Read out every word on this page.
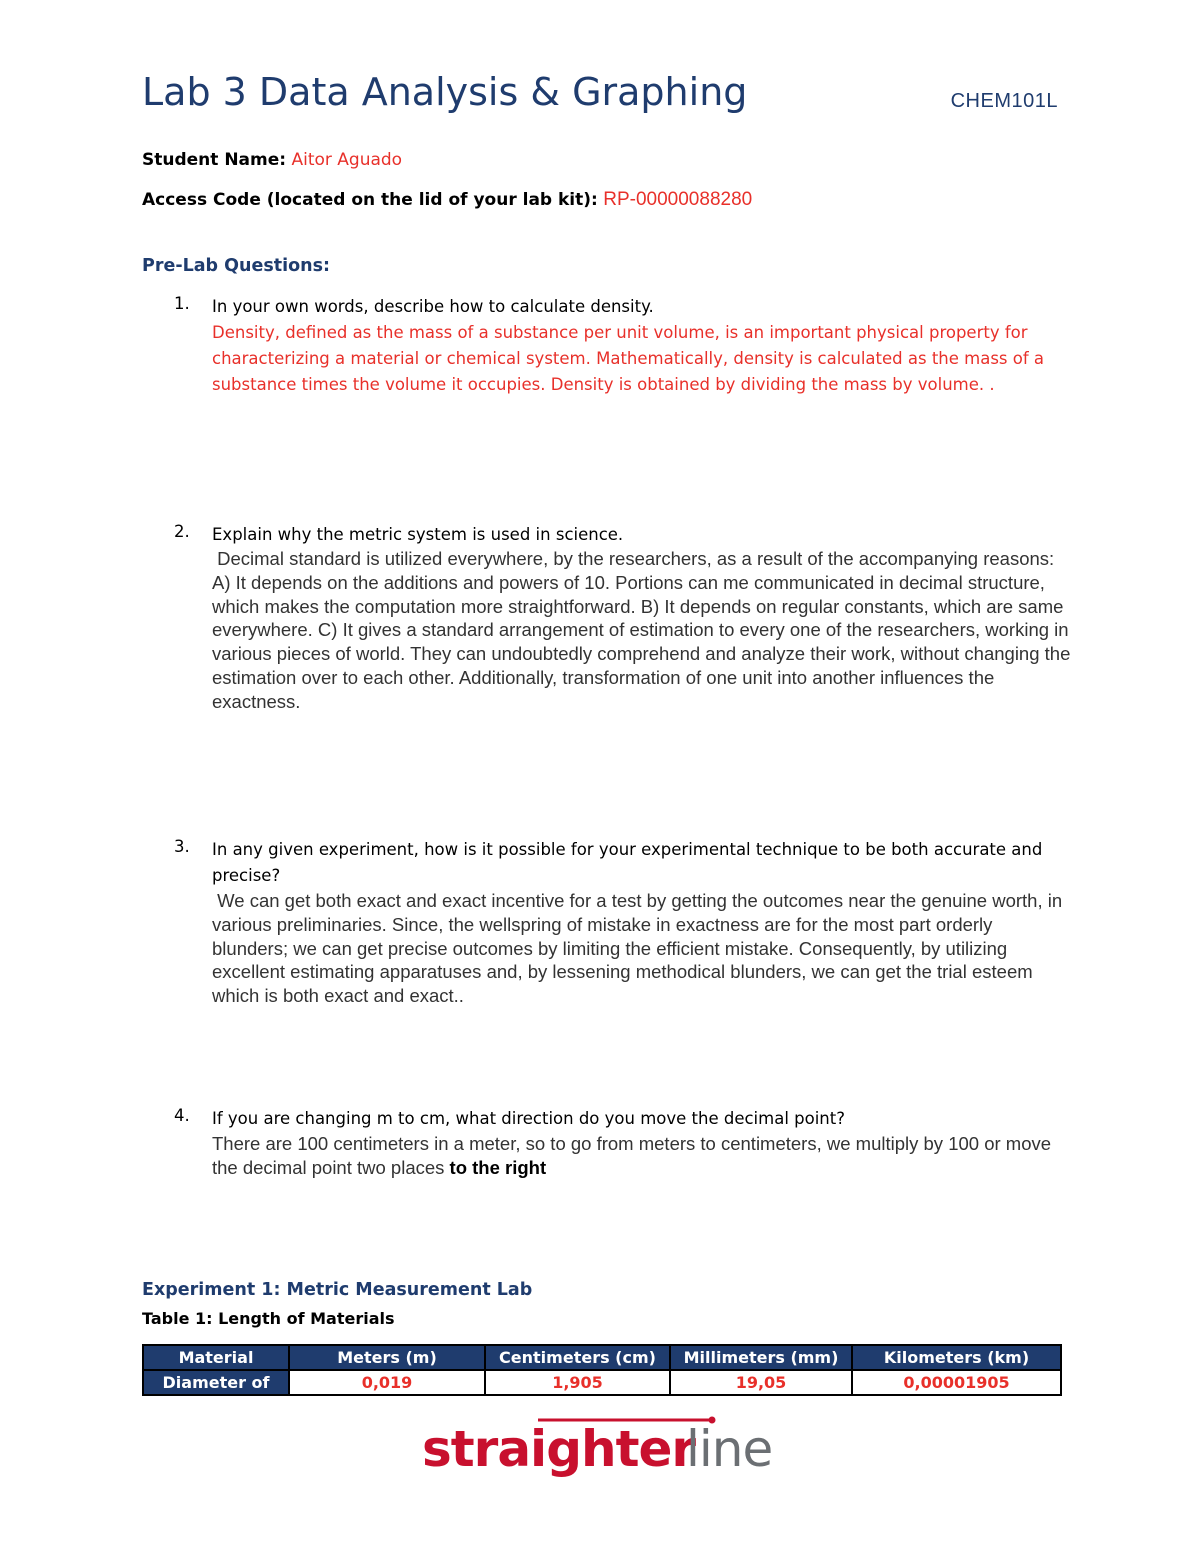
Lab 3 Data Analysis & Graphing	CHEM101L
Student Name: Aitor Aguado
Access Code (located on the lid of your lab kit): RP-00000088280
Pre-Lab Questions:
1. In your own words, describe how to calculate density.
Density, defined as the mass of a substance per unit volume, is an important physical property for characterizing a material or chemical system. Mathematically, density is calculated as the mass of a substance times the volume it occupies. Density is obtained by dividing the mass by volume. .
2. Explain why the metric system is used in science.
Decimal standard is utilized everywhere, by the researchers, as a result of the accompanying reasons: A) It depends on the additions and powers of 10. Portions can me communicated in decimal structure, which makes the computation more straightforward. B) It depends on regular constants, which are same everywhere. C) It gives a standard arrangement of estimation to every one of the researchers, working in various pieces of world. They can undoubtedly comprehend and analyze their work, without changing the estimation over to each other. Additionally, transformation of one unit into another influences the exactness.
3. In any given experiment, how is it possible for your experimental technique to be both accurate and precise?
We can get both exact and exact incentive for a test by getting the outcomes near the genuine worth, in various preliminaries. Since, the wellspring of mistake in exactness are for the most part orderly blunders; we can get precise outcomes by limiting the efficient mistake. Consequently, by utilizing excellent estimating apparatuses and, by lessening methodical blunders, we can get the trial esteem which is both exact and exact..
4. If you are changing m to cm, what direction do you move the decimal point?
There are 100 centimeters in a meter, so to go from meters to centimeters, we multiply by 100 or move the decimal point two places to the right
Experiment 1: Metric Measurement Lab
Table 1: Length of Materials
Material	Meters (m)	Centimeters (cm)	Millimeters (mm)	Kilometers (km)
Diameter of	0,019	1,905	19,05	0,00001905
straighter
line
